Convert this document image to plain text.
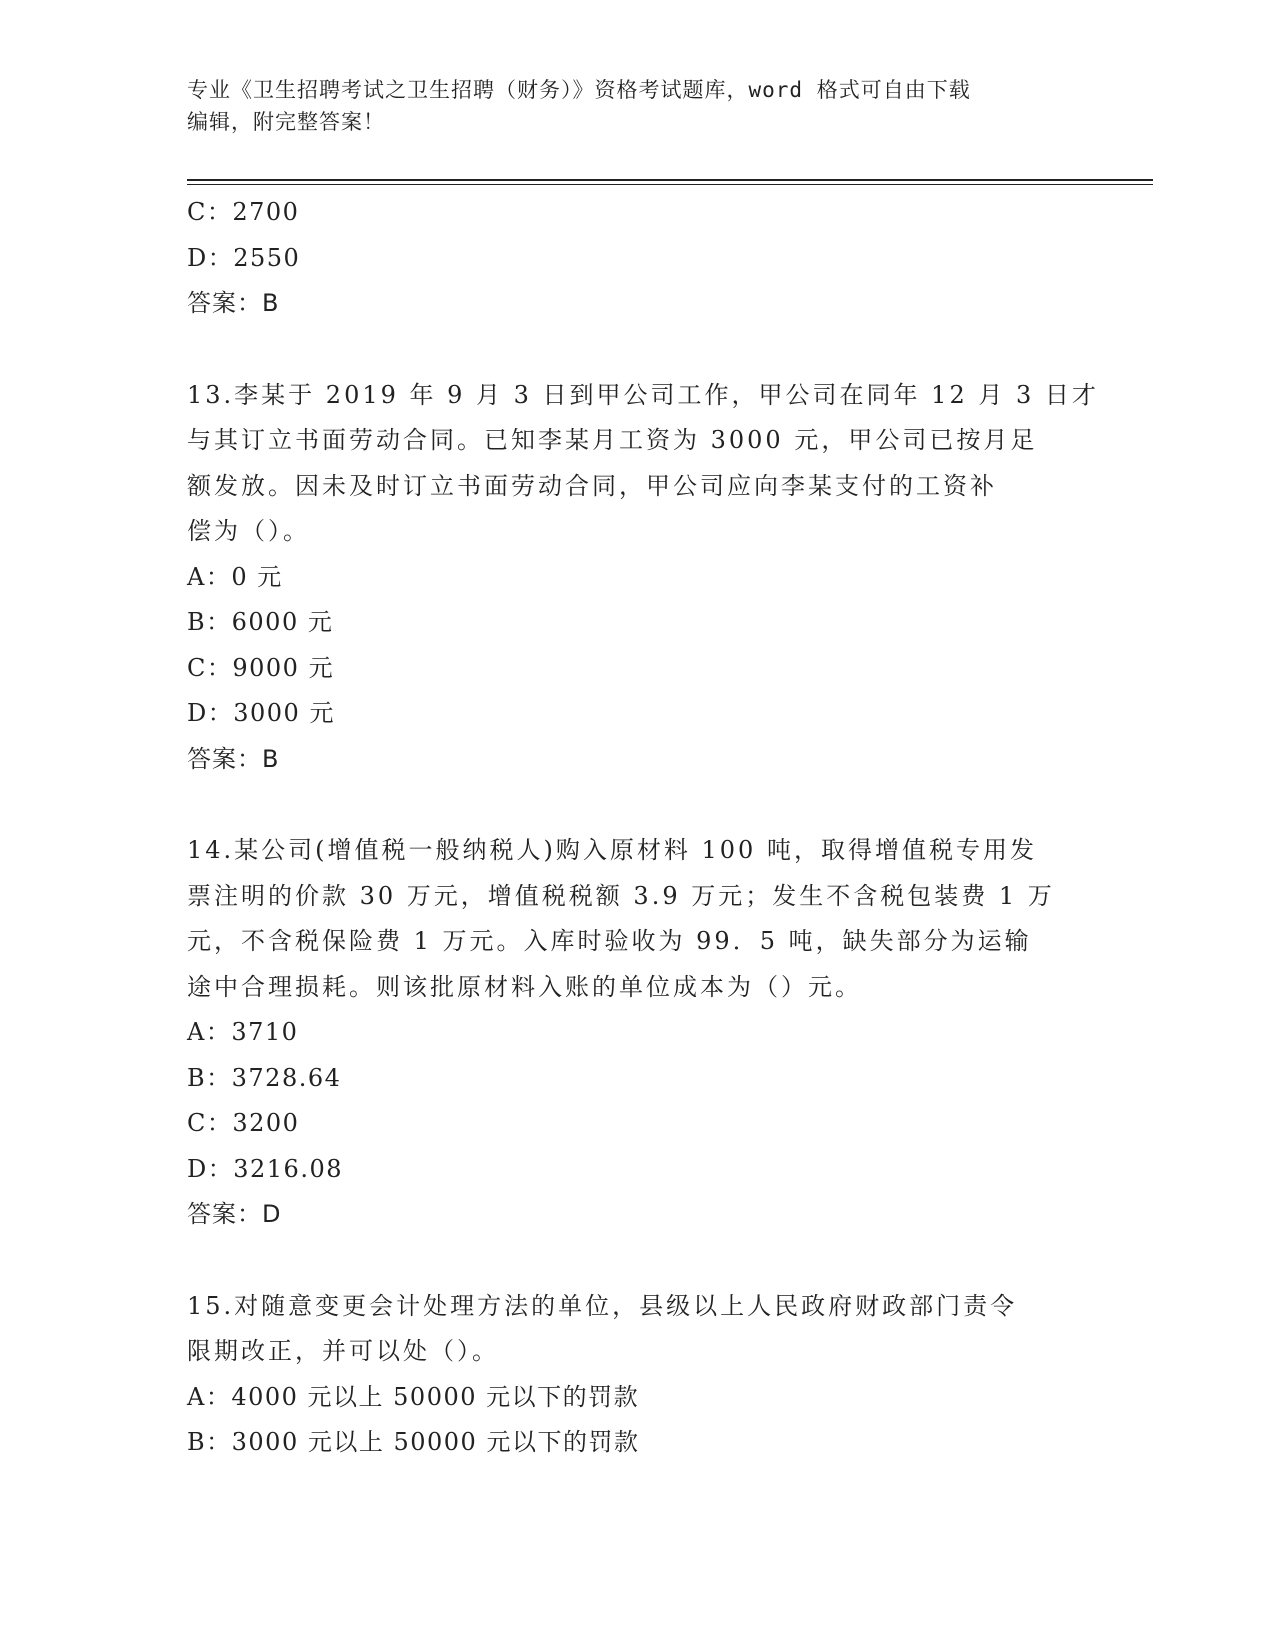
专业《卫生招聘考试之卫生招聘（财务）》资格考试题库，word 格式可自由下载
编辑，附完整答案！
C：2700
D：2550
答案：B
13.李某于 2019 年 9 月 3 日到甲公司工作，甲公司在同年 12 月 3 日才
与其订立书面劳动合同。已知李某月工资为 3000 元，甲公司已按月足
额发放。因未及时订立书面劳动合同，甲公司应向李某支付的工资补
偿为（）。
A：0 元
B：6000 元
C：9000 元
D：3000 元
答案：B
14.某公司(增值税一般纳税人)购入原材料 100 吨，取得增值税专用发
票注明的价款 30 万元，增值税税额 3.9 万元；发生不含税包装费 1 万
元，不含税保险费 1 万元。入库时验收为 99．5 吨，缺失部分为运输
途中合理损耗。则该批原材料入账的单位成本为（）元。
A：3710
B：3728.64
C：3200
D：3216.08
答案：D
15.对随意变更会计处理方法的单位，县级以上人民政府财政部门责令
限期改正，并可以处（）。
A：4000 元以上 50000 元以下的罚款
B：3000 元以上 50000 元以下的罚款
